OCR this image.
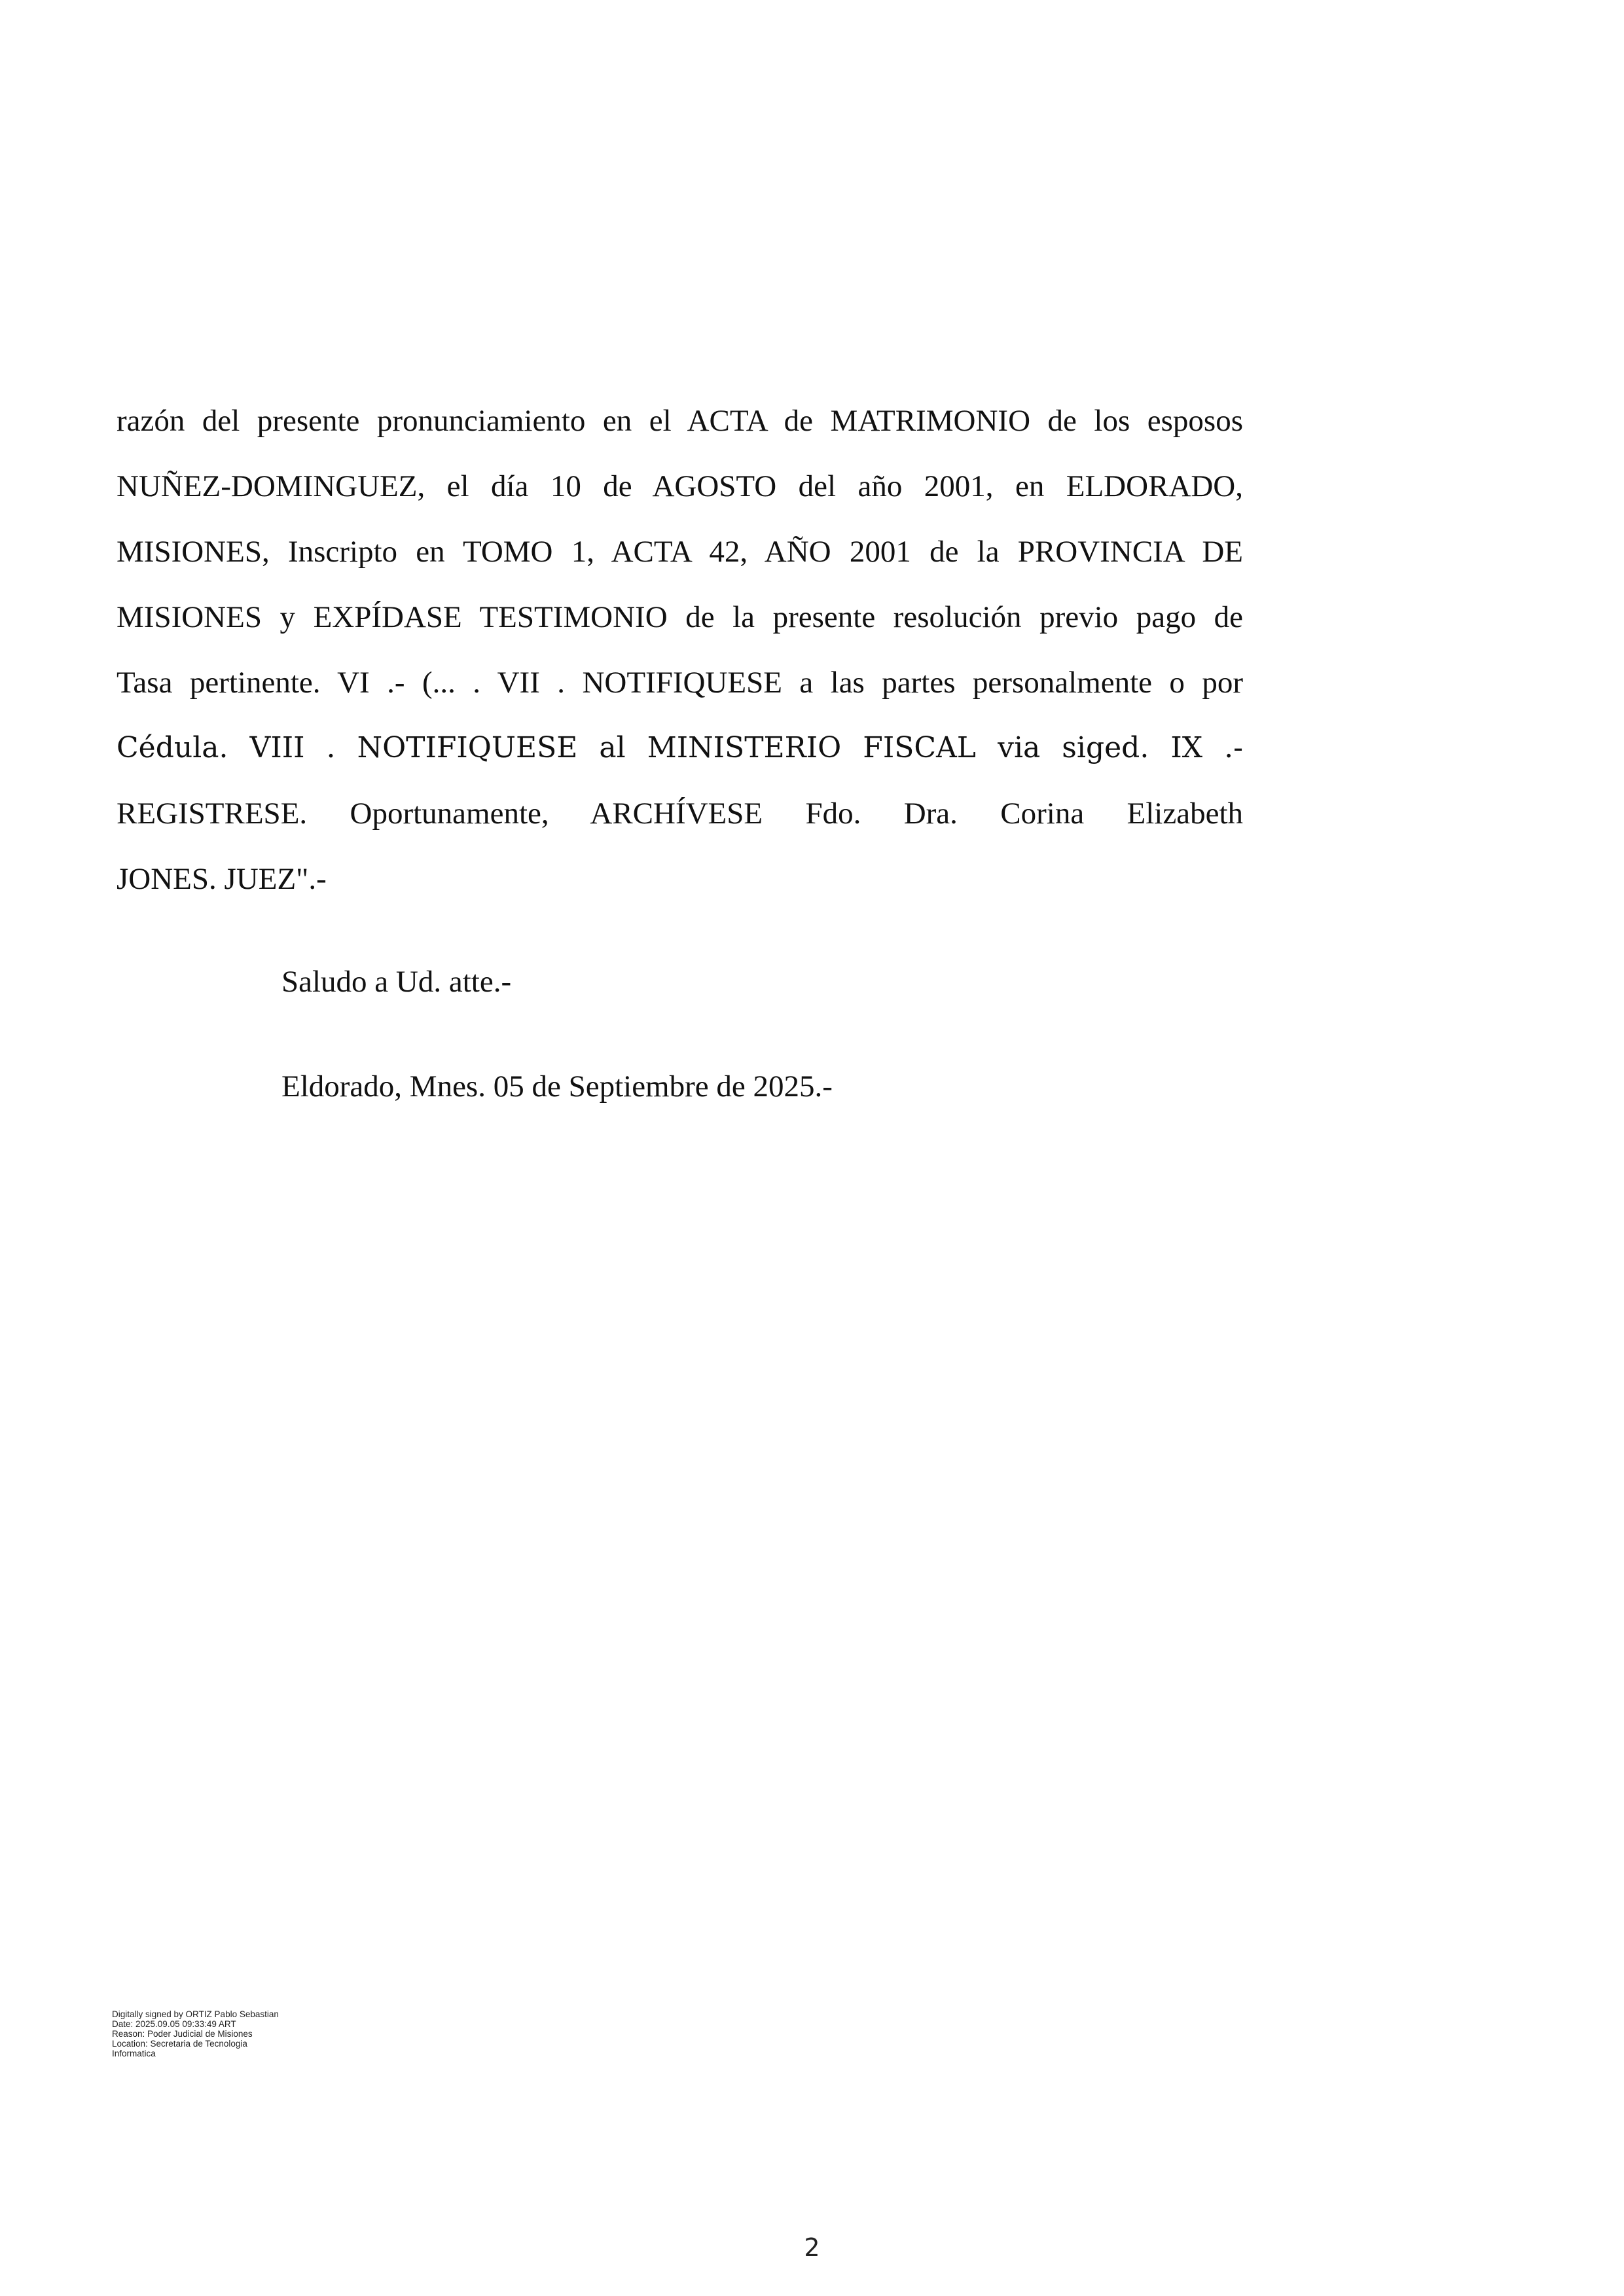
razón del presente pronunciamiento en el ACTA de MATRIMONIO de los esposos
NUÑEZ-DOMINGUEZ, el día 10 de AGOSTO del año 2001, en ELDORADO,
MISIONES, Inscripto en TOMO 1, ACTA 42, AÑO 2001 de la PROVINCIA DE
MISIONES y EXPÍDASE TESTIMONIO de la presente resolución previo pago de
Tasa pertinente. VI .- (... . VII . NOTIFIQUESE a las partes personalmente o por
Cédula. VIII . NOTIFIQUESE al MINISTERIO FISCAL via siged. IX .-
REGISTRESE. Oportunamente, ARCHÍVESE Fdo. Dra. Corina Elizabeth
JONES. JUEZ".-
Saludo a Ud. atte.-
Eldorado, Mnes. 05 de Septiembre de 2025.-
Digitally signed by ORTIZ Pablo Sebastian
Date: 2025.09.05 09:33:49 ART
Reason: Poder Judicial de Misiones
Location: Secretaria de Tecnologia
Informatica
2
